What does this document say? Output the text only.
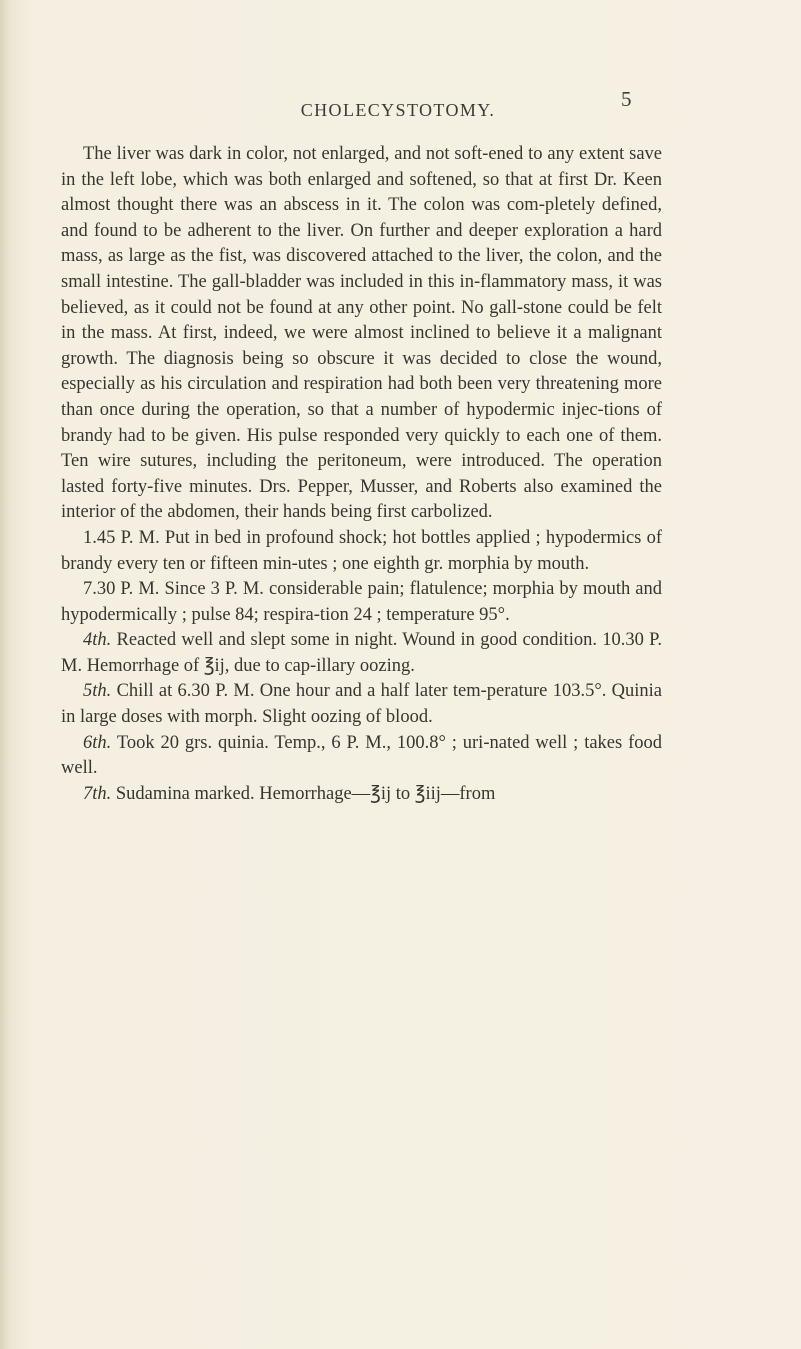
CHOLECYSTOTOMY.	5

The liver was dark in color, not enlarged, and not soft-ened to any extent save in the left lobe, which was both enlarged and softened, so that at first Dr. Keen almost thought there was an abscess in it. The colon was com-pletely defined, and found to be adherent to the liver. On further and deeper exploration a hard mass, as large as the fist, was discovered attached to the liver, the colon, and the small intestine. The gall-bladder was included in this in-flammatory mass, it was believed, as it could not be found at any other point. No gall-stone could be felt in the mass. At first, indeed, we were almost inclined to believe it a malignant growth. The diagnosis being so obscure it was decided to close the wound, especially as his circulation and respiration had both been very threatening more than once during the operation, so that a number of hypodermic injec-tions of brandy had to be given. His pulse responded very quickly to each one of them. Ten wire sutures, including the peritoneum, were introduced. The operation lasted forty-five minutes. Drs. Pepper, Musser, and Roberts also examined the interior of the abdomen, their hands being first carbolized.

1.45 P. M. Put in bed in profound shock; hot bottles applied ; hypodermics of brandy every ten or fifteen min-utes ; one eighth gr. morphia by mouth.

7.30 P. M. Since 3 P. M. considerable pain; flatulence; morphia by mouth and hypodermically ; pulse 84; respira-tion 24 ; temperature 95°.

4th. Reacted well and slept some in night. Wound in good condition. 10.30 P. M. Hemorrhage of ℥ij, due to cap-illary oozing.

5th. Chill at 6.30 P. M. One hour and a half later tem-perature 103.5°. Quinia in large doses with morph. Slight oozing of blood.

6th. Took 20 grs. quinia. Temp., 6 P. M., 100.8° ; uri-nated well ; takes food well.

7th. Sudamina marked. Hemorrhage—℥ij to ℥iij—from
